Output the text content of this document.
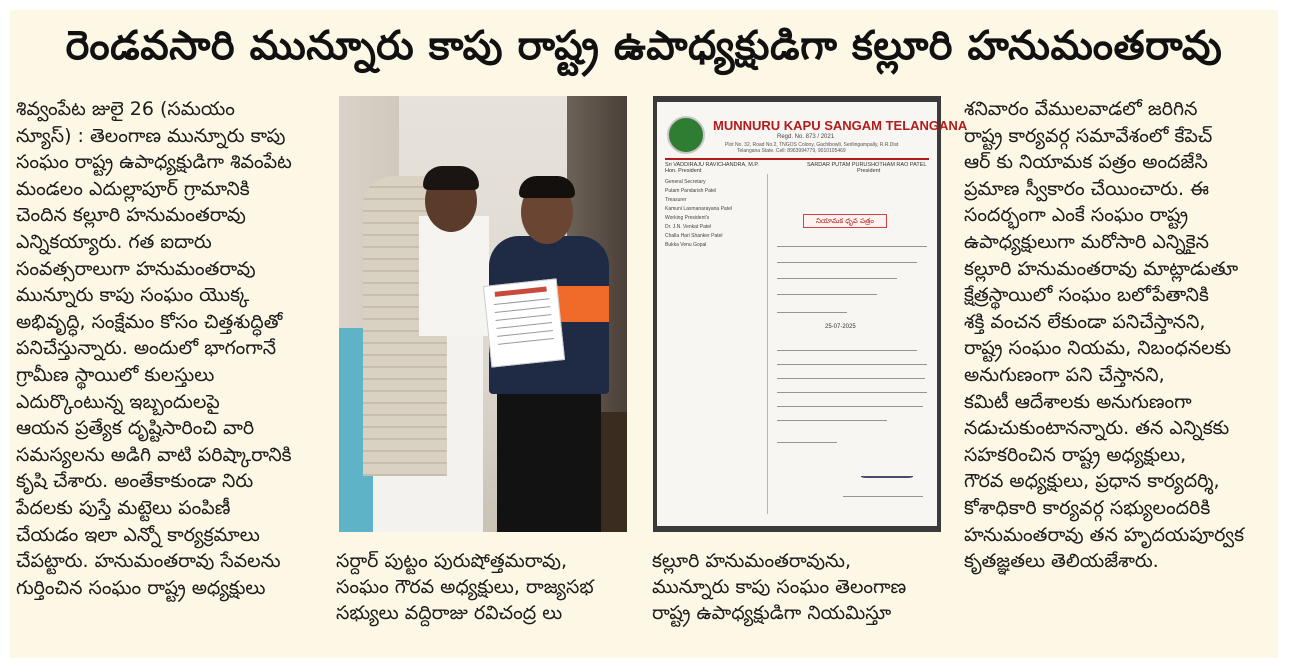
రెండవసారి మున్నూరు కాపు రాష్ట్ర ఉపాధ్యక్షుడిగా కల్లూరి హనుమంతరావు
శివ్వంపేట జులై 26 (సమయం
న్యూస్) : తెలంగాణ మున్నూరు కాపు
సంఘం రాష్ట్ర ఉపాధ్యక్షుడిగా శివంపేట
మండలం ఎదుల్లాపూర్ గ్రామానికి
చెందిన కల్లూరి హనుమంతరావు
ఎన్నికయ్యారు. గత ఐదారు
సంవత్సరాలుగా హనుమంతరావు
మున్నూరు కాపు సంఘం యొక్క
అభివృద్ధి, సంక్షేమం కోసం చిత్తశుద్ధితో
పనిచేస్తున్నారు. అందులో భాగంగానే
గ్రామీణ స్థాయిలో కులస్తులు
ఎదుర్కొంటున్న ఇబ్బందులపై
ఆయన ప్రత్యేక దృష్టిసారించి వారి
సమస్యలను అడిగి వాటి పరిష్కారానికి
కృషి చేశారు. అంతేకాకుండా నిరు
పేదలకు పుస్తే మట్టెలు పంపిణీ
చేయడం ఇలా ఎన్నో కార్యక్రమాలు
చేపట్టారు. హనుమంతరావు సేవలను
గుర్తించిన సంఘం రాష్ట్ర అధ్యక్షులు
MUNNURU KAPU SANGAM TELANGANA
Regd. No. 873 / 2021
Plot No. 32, Road No.2, TNGOS Colony, Gachibowli, Serilingampally, R.R.Dist
Telangana State. Cell: 8963994779, 9010105469
Sri VADDIRAJU RAVICHANDRA, M.P.
Hon. President
SARDAR PUTAM PURUSHOTHAM RAO PATEL
President
General Secretary
Putam Pandarish Patel
Treasurer
Kamuni Laxmanarayana Patel
Working President's
Dr. J.N. Venkat Patel
Challa Hari Shanker Patel
Bukka Venu Gopal
నియామక ధృవ పత్రం
25-07-2025
సర్దార్ పుట్టం పురుషోత్తమరావు,
సంఘం గౌరవ అధ్యక్షులు, రాజ్యసభ
సభ్యులు వద్దిరాజు రవిచంద్ర లు
కల్లూరి హనుమంతరావును,
మున్నూరు కాపు సంఘం తెలంగాణ
రాష్ట్ర ఉపాధ్యక్షుడిగా నియమిస్తూ
శనివారం వేములవాడలో జరిగిన
రాష్ట్ర కార్యవర్గ సమావేశంలో కేపెచ్
ఆర్ కు నియామక పత్రం అందజేసి
ప్రమాణ స్వీకారం చేయించారు. ఈ
సందర్భంగా ఎంకే సంఘం రాష్ట్ర
ఉపాధ్యక్షులుగా మరోసారి ఎన్నికైన
కల్లూరి హనుమంతరావు మాట్లాడుతూ
క్షేత్రస్థాయిలో సంఘం బలోపేతానికి
శక్తి వంచన లేకుండా పనిచేస్తానని,
రాష్ట్ర సంఘం నియమ, నిబంధనలకు
అనుగుణంగా పని చేస్తానని,
కమిటీ ఆదేశాలకు అనుగుణంగా
నడుచుకుంటానన్నారు. తన ఎన్నికకు
సహకరించిన రాష్ట్ర అధ్యక్షులు,
గౌరవ అధ్యక్షులు, ప్రధాన కార్యదర్శి,
కోశాధికారి కార్యవర్గ సభ్యులందరికి
హనుమంతరావు తన హృదయపూర్వక
కృతజ్ఞతలు తెలియజేశారు.
